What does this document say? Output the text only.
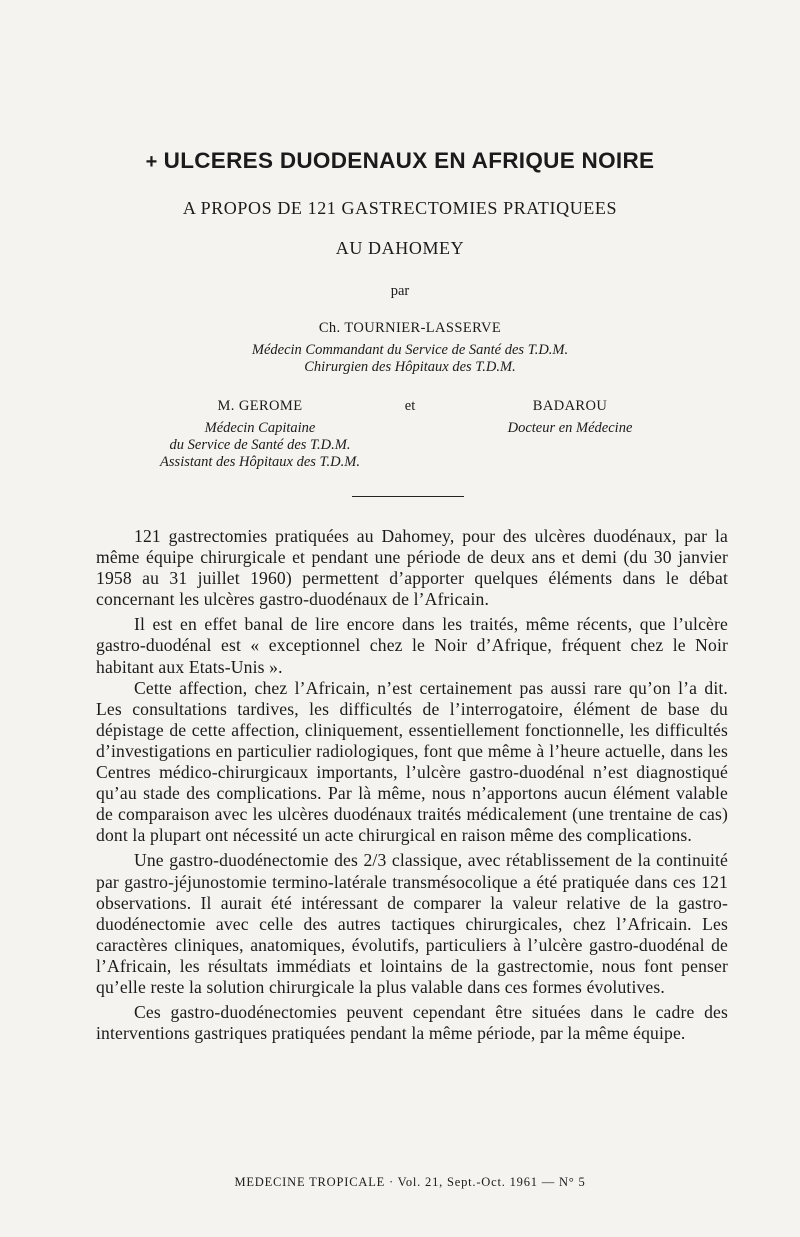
+ ULCERES DUODENAUX EN AFRIQUE NOIRE
A PROPOS DE 121 GASTRECTOMIES PRATIQUEES
AU DAHOMEY
par
Ch. TOURNIER-LASSERVE
Médecin Commandant du Service de Santé des T.D.M.
Chirurgien des Hôpitaux des T.D.M.
M. GEROME
Médecin Capitaine
du Service de Santé des T.D.M.
Assistant des Hôpitaux des T.D.M.
et	BADAROU
Docteur en Médecine

121 gastrectomies pratiquées au Dahomey, pour des ulcères duodénaux, par la même équipe chirurgicale et pendant une période de deux ans et demi (du 30 janvier 1958 au 31 juillet 1960) permettent d’apporter quelques éléments dans le débat concernant les ulcères gastro-duodénaux de l’Africain.

Il est en effet banal de lire encore dans les traités, même récents, que l’ulcère gastro-duodénal est « exceptionnel chez le Noir d’Afrique, fréquent chez le Noir habitant aux Etats-Unis ».

Cette affection, chez l’Africain, n’est certainement pas aussi rare qu’on l’a dit. Les consultations tardives, les difficultés de l’interrogatoire, élément de base du dépistage de cette affection, cliniquement, essentiellement fonctionnelle, les difficultés d’investigations en particulier radiologiques, font que même à l’heure actuelle, dans les Centres médico-chirurgicaux importants, l’ulcère gastro-duodénal n’est diagnostiqué qu’au stade des complications. Par là même, nous n’apportons aucun élément valable de comparaison avec les ulcères duodénaux traités médicalement (une trentaine de cas) dont la plupart ont nécessité un acte chirurgical en raison même des complications.

Une gastro-duodénectomie des 2/3 classique, avec rétablissement de la continuité par gastro-jéjunostomie termino-latérale transmésocolique a été pratiquée dans ces 121 observations. Il aurait été intéressant de comparer la valeur relative de la gastro-duodénectomie avec celle des autres tactiques chirurgicales, chez l’Africain. Les caractères cliniques, anatomiques, évolutifs, particuliers à l’ulcère gastro-duodénal de l’Africain, les résultats immédiats et lointains de la gastrectomie, nous font penser qu’elle reste la solution chirurgicale la plus valable dans ces formes évolutives.

Ces gastro-duodénectomies peuvent cependant être situées dans le cadre des interventions gastriques pratiquées pendant la même période, par la même équipe.

MEDECINE TROPICALE · Vol. 21, Sept.-Oct. 1961 — N° 5
